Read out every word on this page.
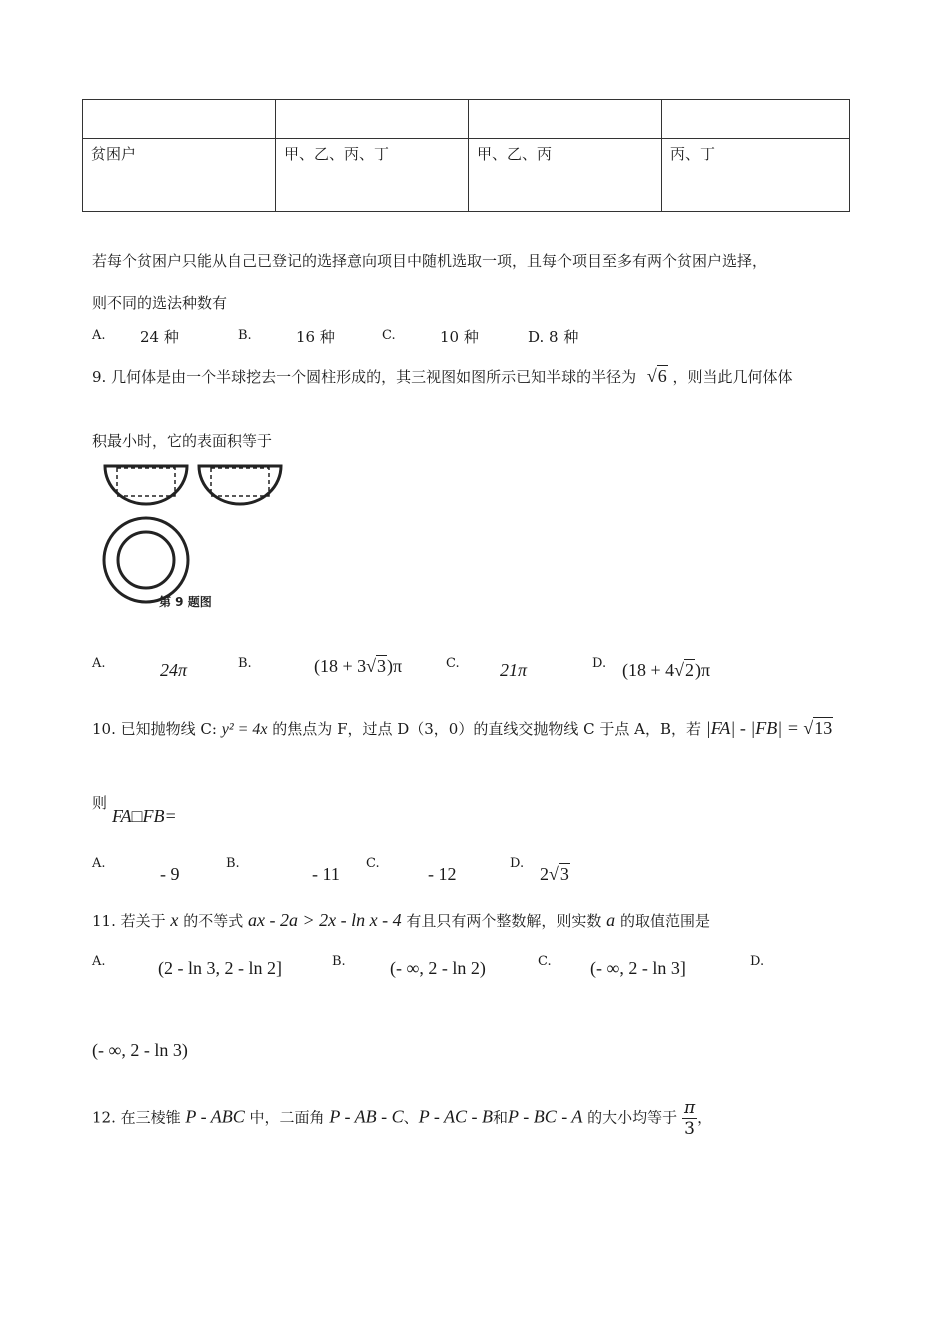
贫困户	甲、乙、丙、丁	甲、乙、丙	丙、丁
若每个贫困户只能从自己已登记的选择意向项目中随机选取一项，且每个项目至多有两个贫困户选择，
则不同的选法种数有
A. 24 种	B.	16 种	C.	10 种	D. 8 种
9. 几何体是由一个半球挖去一个圆柱形成的，其三视图如图所示已知半球的半径为 √6 ，则当此几何体体
积最小时，它的表面积等于
第 9 题图
A.	24π	B.	(18 + 3√3)π	C. 21π	D. (18 + 4√2)π
10. 已知抛物线 C: y² = 4x 的焦点为 F，过点 D（3，0）的直线交抛物线 C 于点 A，B，若 |FA| - |FB| = √13
则
FA□FB=
A.
- 9
B.
- 11
C.
- 12
D.
2√3
11. 若关于 x 的不等式 ax - 2a > 2x - ln x - 4 有且只有两个整数解，则实数 a 的取值范围是
A.	(2 - ln 3, 2 - ln 2]	B. (- ∞, 2 - ln 2)	C. (- ∞, 2 - ln 3]	D.
(- ∞, 2 - ln 3)
12. 在三棱锥 P - ABC 中，二面角 P - AB - C、P - AC - B和P - BC - A 的大小均等于 $\frac{\pi}{3}$ ，
